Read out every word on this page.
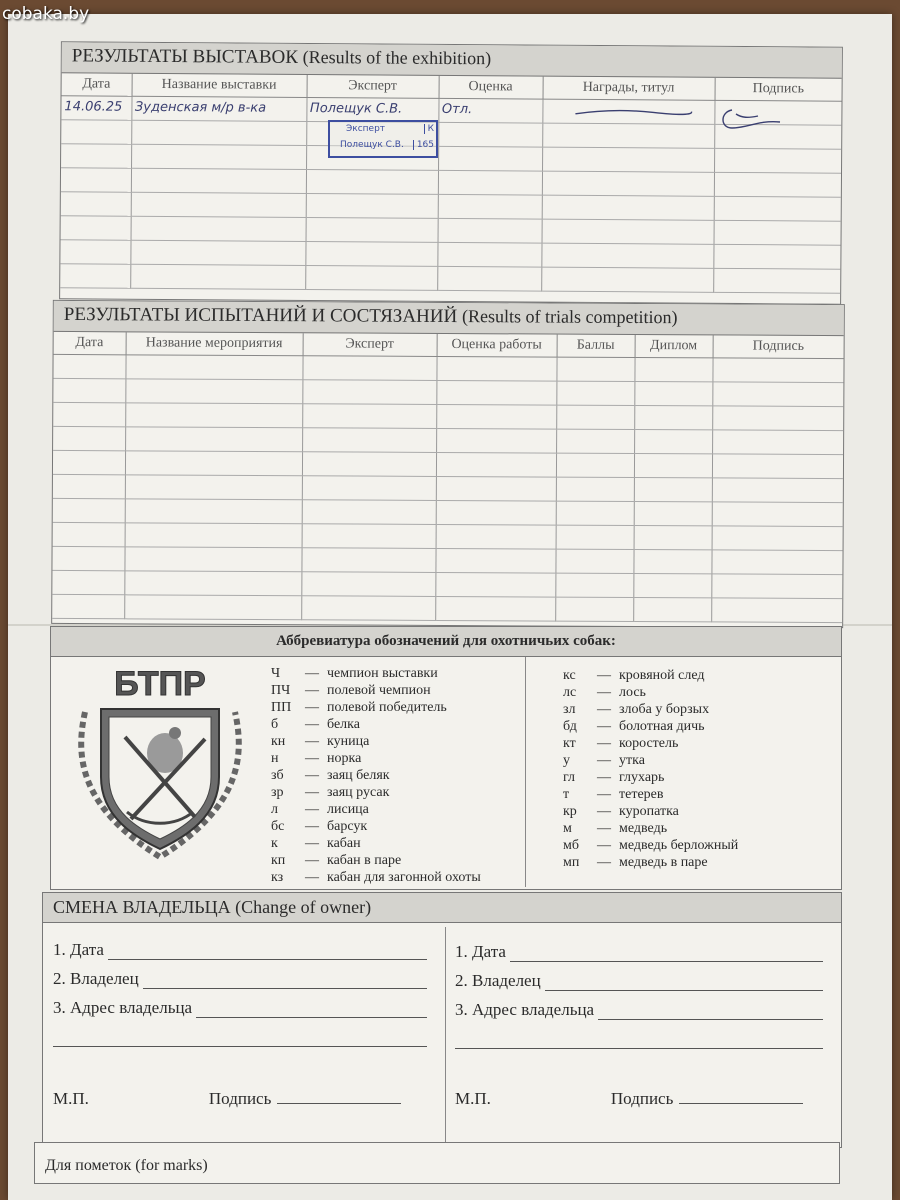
cobaka.by
РЕЗУЛЬТАТЫ ВЫСТАВОК (Results of the exhibition)
Дата	Название выставки	Эксперт	Оценка	Награды, титул	Подпись

14.06.25	Зуденская м/р в-ка	Полещук С.В.	Отл.

Эксперт
Полещук С.В.
К
165
РЕЗУЛЬТАТЫ ИСПЫТАНИЙ И СОСТЯЗАНИЙ (Results of trials competition)
Дата	Название мероприятия	Эксперт	Оценка работы	Баллы	Диплом	Подпись

Аббревиатура обозначений для охотничьих собак:
БТПР	Ч	— чемпион выставки
ПЧ	— полевой чемпион
ПП — полевой победитель
б	— белка
кн	— куница
н	— норка
зб	— заяц беляк
зр	— заяц русак
л	— лисица
бс	— барсук
к	— кабан
кп	— кабан в паре
кз	— кабан для загонной охоты
кс	— кровяной след
лс	— лось
зл	— злоба у борзых
бд	— болотная дичь
кт	— коростель
у	— утка
гл	— глухарь
т	— тетерев
кр	— куропатка
м	— медведь
мб	— медведь берложный
мп	— медведь в паре
СМЕНА ВЛАДЕЛЬЦА (Change of owner)
1. Дата
2. Владелец
3. Адрес владельца
М.П.	Подпись
1. Дата
2. Владелец
3. Адрес владельца
М.П.	Подпись
Для пометок (for marks)
